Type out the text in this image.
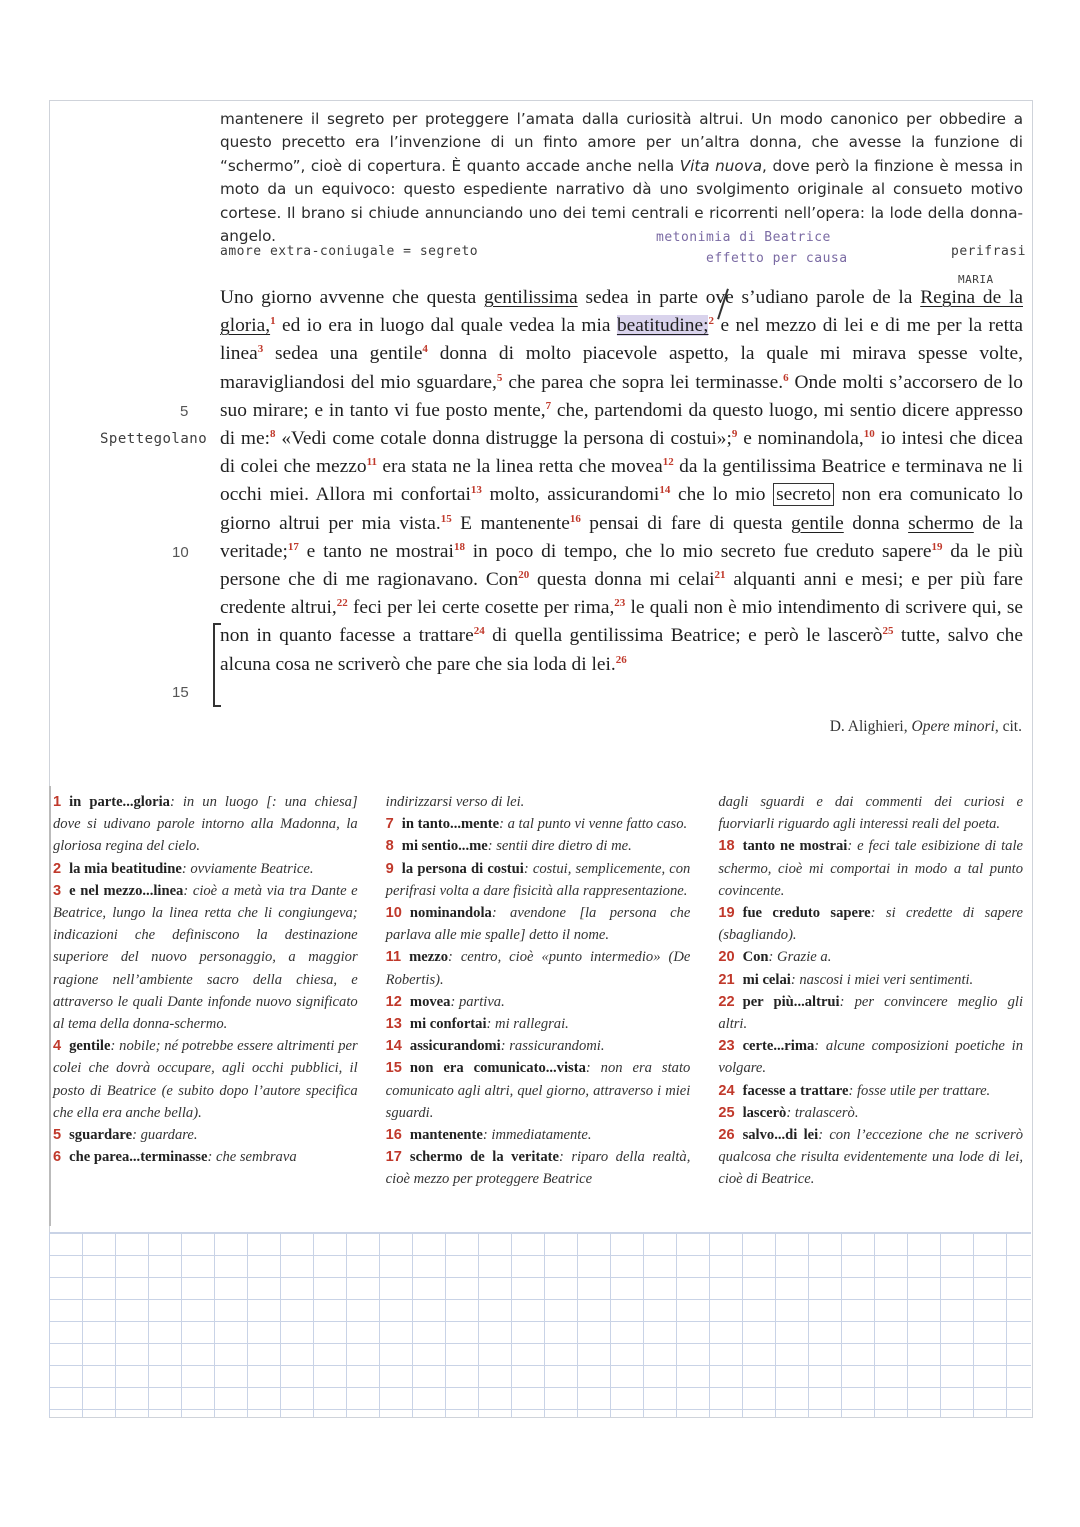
mantenere il segreto per proteggere l’amata dalla curiosità altrui. Un modo canonico per obbedire a questo precetto era l’invenzione di un finto amore per un’altra donna, che avesse la funzione di “schermo”, cioè di copertura. È quanto accade anche nella Vita nuova, dove però la finzione è messa in moto da un equivoco: questo espediente narrativo dà uno svolgimento originale al consueto motivo cortese. Il brano si chiude annunciando uno dei temi centrali e ricorrenti nell’opera: la lode della donna-angelo.
amore extra-coniugale = segreto
metonimia di Beatrice
effetto per causa	perifrasi
MARIA
Spettegolano

Uno giorno avvenne che questa gentilissima sedea in parte ove s’udiano parole de la Regina de la gloria,$^1$ ed io era in luogo dal quale vedea la mia beatitudine;$^2$ e nel mezzo di lei e di me per la retta linea$^3$ sedea una gentile$^4$ donna di molto piacevole aspetto, la quale mi mirava spesse volte, maravigliandosi del mio sguardare,$^5$ che parea che sopra lei terminasse.$^6$ Onde molti s’accorsero de lo suo mirare; e in tanto vi fue posto mente,$^7$ che, partendomi da questo luogo, mi sentio dicere appresso di me:$^8$ «Vedi come cotale donna distrugge la persona di costui»;$^9$ e nominandola,$^{10}$ io intesi che dicea di colei che mezzo$^{11}$ era stata ne la linea retta che movea$^{12}$ da la gentilissima Beatrice e terminava ne li occhi miei. Allora mi confortai$^{13}$ molto, assicurandomi$^{14}$ che lo mio secreto non era comunicato lo giorno altrui per mia vista.$^{15}$ E mantenente$^{16}$ pensai di fare di questa gentile donna schermo de la veritade;$^{17}$ e tanto ne mostrai$^{18}$ in poco di tempo, che lo mio secreto fue creduto sapere$^{19}$ da le più persone che di me ragionavano. Con$^{20}$ questa donna mi celai$^{21}$ alquanti anni e mesi; e per più fare credente altrui,$^{22}$ feci per lei certe cosette per rima,$^{23}$ le quali non è mio intendimento di scrivere qui, se non in quanto facesse a trattare$^{24}$ di quella gentilissima Beatrice; e però le lascerò$^{25}$ tutte, salvo che alcuna cosa ne scriverò che pare che sia loda di lei.$^{26}$

5
10
15
D. Alighieri, Opere minori, cit.

1 in parte...gloria: in un luogo [: una chiesa] dove si udivano parole intorno alla Madonna, la gloriosa regina del cielo.

2 la mia beatitudine: ovviamente Beatrice.

3 e nel mezzo...linea: cioè a metà via tra Dante e Beatrice, lungo la linea retta che li congiungeva; indicazioni che definiscono la destinazione superiore del nuovo personaggio, a maggior ragione nell’ambiente sacro della chiesa, e attraverso le quali Dante infonde nuovo significato al tema della donna-schermo.

4 gentile: nobile; né potrebbe essere altrimenti per colei che dovrà occupare, agli occhi pubblici, il posto di Beatrice (e subito dopo l’autore specifica che ella era anche bella).

5 sguardare: guardare.

6 che parea...terminasse: che sembrava

indirizzarsi verso di lei.

7 in tanto...mente: a tal punto vi venne fatto caso.

8 mi sentio...me: sentii dire dietro di me.

9 la persona di costui: costui, semplicemente, con perifrasi volta a dare fisicità alla rappresentazione.

10 nominandola: avendone [la persona che parlava alle mie spalle] detto il nome.

11 mezzo: centro, cioè «punto intermedio» (De Robertis).

12 movea: partiva.

13 mi confortai: mi rallegrai.

14 assicurandomi: rassicurandomi.

15 non era comunicato...vista: non era stato comunicato agli altri, quel giorno, attraverso i miei sguardi.

16 mantenente: immediatamente.

17 schermo de la veritate: riparo della realtà, cioè mezzo per proteggere Beatrice

dagli sguardi e dai commenti dei curiosi e fuorviarli riguardo agli interessi reali del poeta.

18 tanto ne mostrai: e feci tale esibizione di tale schermo, cioè mi comportai in modo a tal punto covincente.

19 fue creduto sapere: si credette di sapere (sbagliando).

20 Con: Grazie a.

21 mi celai: nascosi i miei veri sentimenti.

22 per più...altrui: per convincere meglio gli altri.

23 certe...rima: alcune composizioni poetiche in volgare.

24 facesse a trattare: fosse utile per trattare.

25 lascerò: tralascerò.

26 salvo...di lei: con l’eccezione che ne scriverò qualcosa che risulta evidentemente una lode di lei, cioè di Beatrice.
